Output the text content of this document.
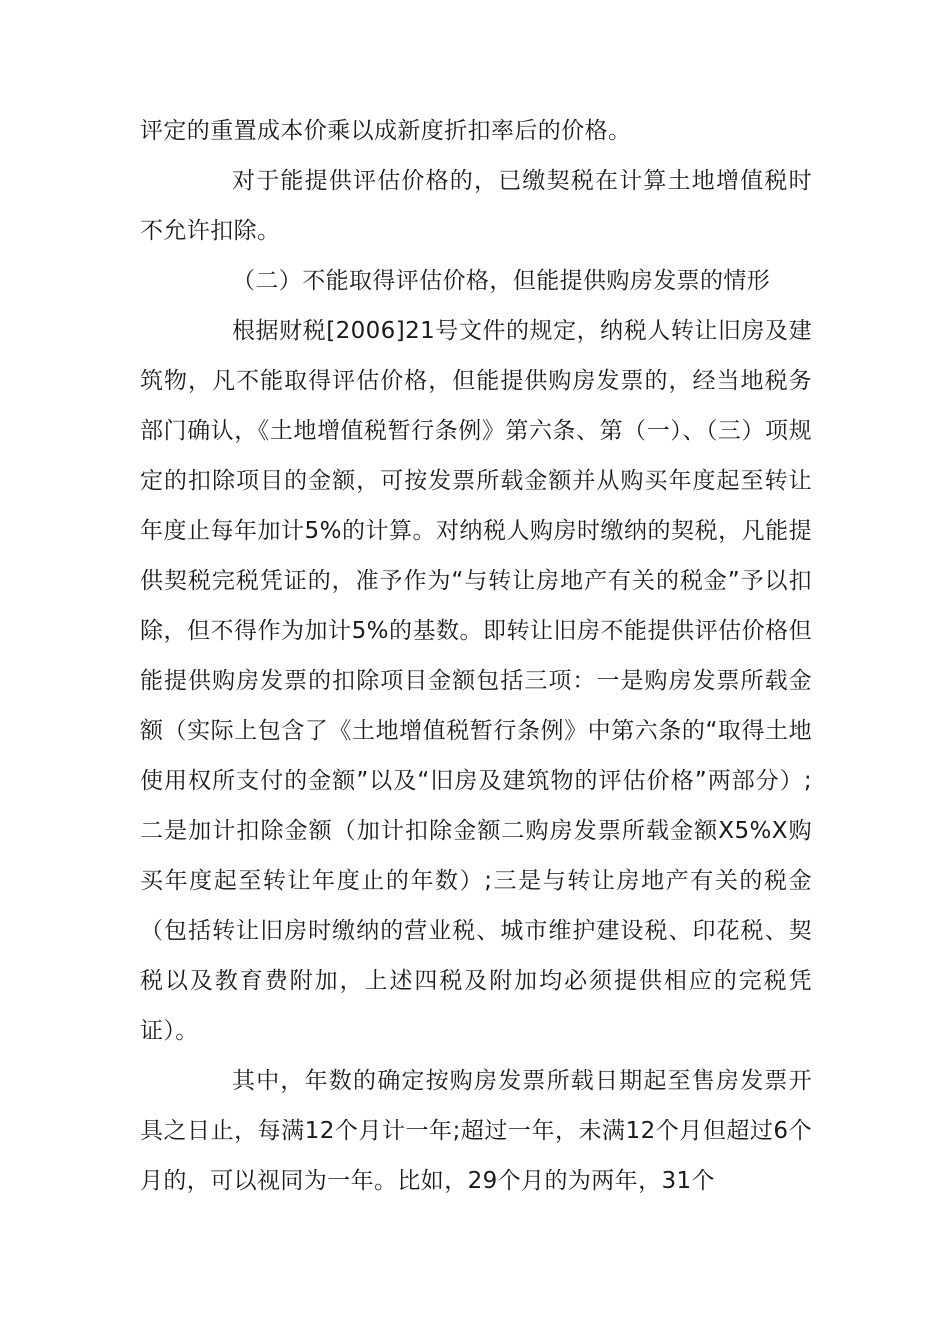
评定的重置成本价乘以成新度折扣率后的价格。

对于能提供评估价格的，已缴契税在计算土地增值税时不允许扣除。

（二）不能取得评估价格，但能提供购房发票的情形

根据财税[2006]21号文件的规定，纳税人转让旧房及建筑物，凡不能取得评估价格，但能提供购房发票的，经当地税务部门确认，《土地增值税暂行条例》第六条、第（一）、（三）项规定的扣除项目的金额，可按发票所载金额并从购买年度起至转让年度止每年加计5%的计算。对纳税人购房时缴纳的契税，凡能提供契税完税凭证的，准予作为“与转让房地产有关的税金”予以扣除，但不得作为加计5%的基数。即转让旧房不能提供评估价格但能提供购房发票的扣除项目金额包括三项：一是购房发票所载金额（实际上包含了《土地增值税暂行条例》中第六条的“取得土地使用权所支付的金额”以及“旧房及建筑物的评估价格”两部分）;二是加计扣除金额（加计扣除金额二购房发票所载金额X5%X购买年度起至转让年度止的年数）;三是与转让房地产有关的税金（包括转让旧房时缴纳的营业税、城市维护建设税、印花税、契税以及教育费附加，上述四税及附加均必须提供相应的完税凭证）。

其中，年数的确定按购房发票所载日期起至售房发票开具之日止，每满12个月计一年;超过一年，未满12个月但超过6个月的，可以视同为一年。比如，29个月的为两年，31个
